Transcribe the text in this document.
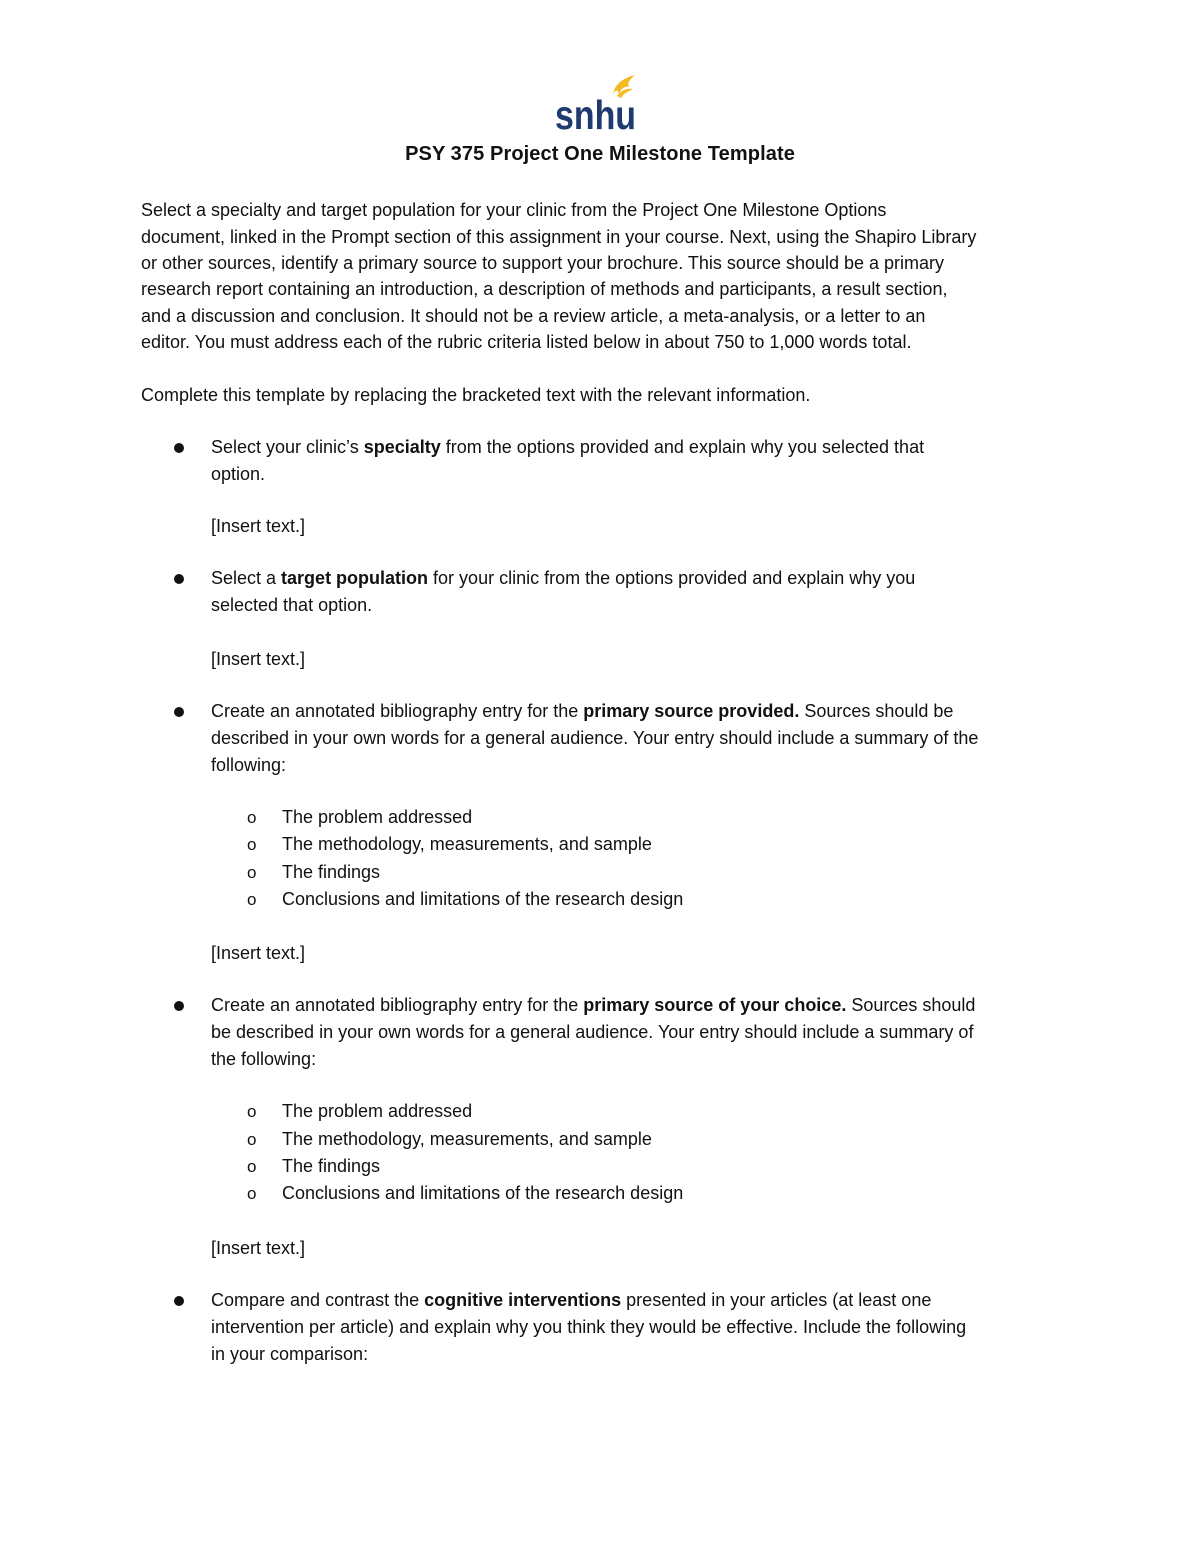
snhu
PSY 375 Project One Milestone Template
Select a specialty and target population for your clinic from the Project One Milestone Options
document, linked in the Prompt section of this assignment in your course. Next, using the Shapiro Library
or other sources, identify a primary source to support your brochure. This source should be a primary
research report containing an introduction, a description of methods and participants, a result section,
and a discussion and conclusion. It should not be a review article, a meta-analysis, or a letter to an
editor. You must address each of the rubric criteria listed below in about 750 to 1,000 words total.
Complete this template by replacing the bracketed text with the relevant information.
Select your clinic’s specialty from the options provided and explain why you selected that
option.
[Insert text.]
Select a target population for your clinic from the options provided and explain why you
selected that option.
[Insert text.]
Create an annotated bibliography entry for the primary source provided. Sources should be
described in your own words for a general audience. Your entry should include a summary of the
following:
o The problem addressed
o The methodology, measurements, and sample
o The findings
o Conclusions and limitations of the research design
[Insert text.]
Create an annotated bibliography entry for the primary source of your choice. Sources should
be described in your own words for a general audience. Your entry should include a summary of
the following:
o The problem addressed
o The methodology, measurements, and sample
o The findings
o Conclusions and limitations of the research design
[Insert text.]
Compare and contrast the cognitive interventions presented in your articles (at least one
intervention per article) and explain why you think they would be effective. Include the following
in your comparison:
